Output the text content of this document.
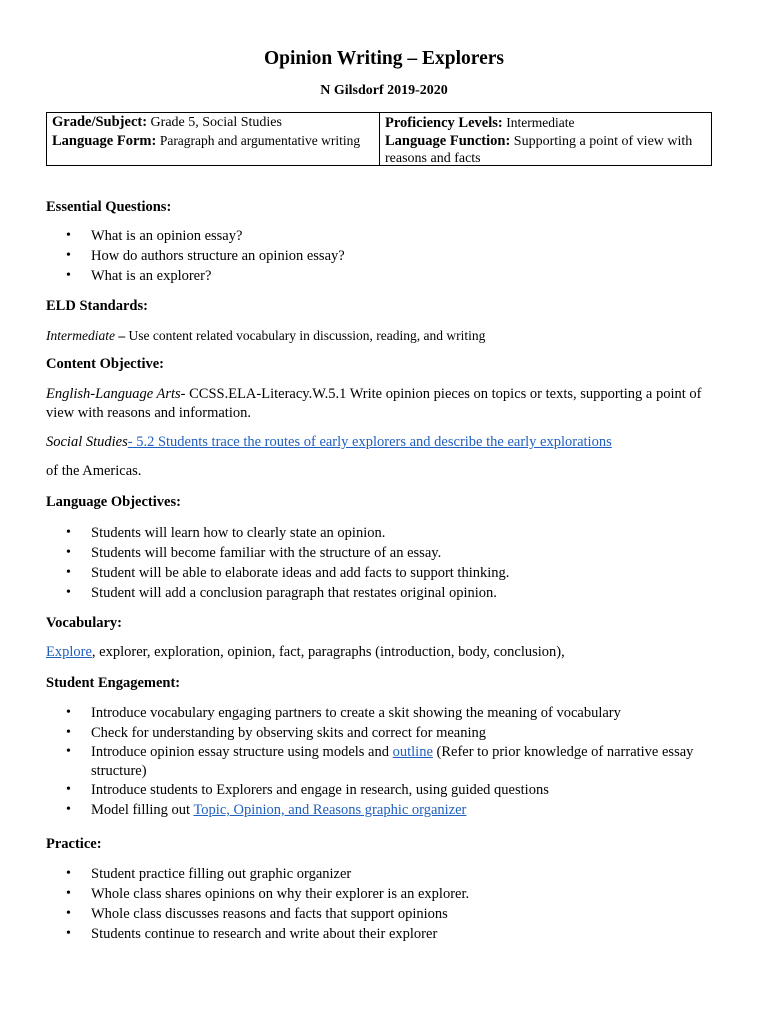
Opinion Writing – Explorers
N Gilsdorf 2019-2020
Grade/Subject: Grade 5, Social Studies
Language Form: Paragraph and argumentative writing
Proficiency Levels: Intermediate
Language Function: Supporting a point of view with reasons and facts
Essential Questions:
• What is an opinion essay?
• How do authors structure an opinion essay?
• What is an explorer?
ELD Standards:
Intermediate – Use content related vocabulary in discussion, reading, and writing
Content Objective:
English-Language Arts- CCSS.ELA-Literacy.W.5.1 Write opinion pieces on topics or texts, supporting a point of view with reasons and information.
Social Studies- 5.2 Students trace the routes of early explorers and describe the early explorations
of the Americas.
Language Objectives:
• Students will learn how to clearly state an opinion.
• Students will become familiar with the structure of an essay.
• Student will be able to elaborate ideas and add facts to support thinking.
• Student will add a conclusion paragraph that restates original opinion.
Vocabulary:
Explore, explorer, exploration, opinion, fact, paragraphs (introduction, body, conclusion),
Student Engagement:
• Introduce vocabulary engaging partners to create a skit showing the meaning of vocabulary
• Check for understanding by observing skits and correct for meaning
• Introduce opinion essay structure using models and outline (Refer to prior knowledge of narrative essay structure)
• Introduce students to Explorers and engage in research, using guided questions
• Model filling out Topic, Opinion, and Reasons graphic organizer
Practice:
• Student practice filling out graphic organizer
• Whole class shares opinions on why their explorer is an explorer.
• Whole class discusses reasons and facts that support opinions
• Students continue to research and write about their explorer
